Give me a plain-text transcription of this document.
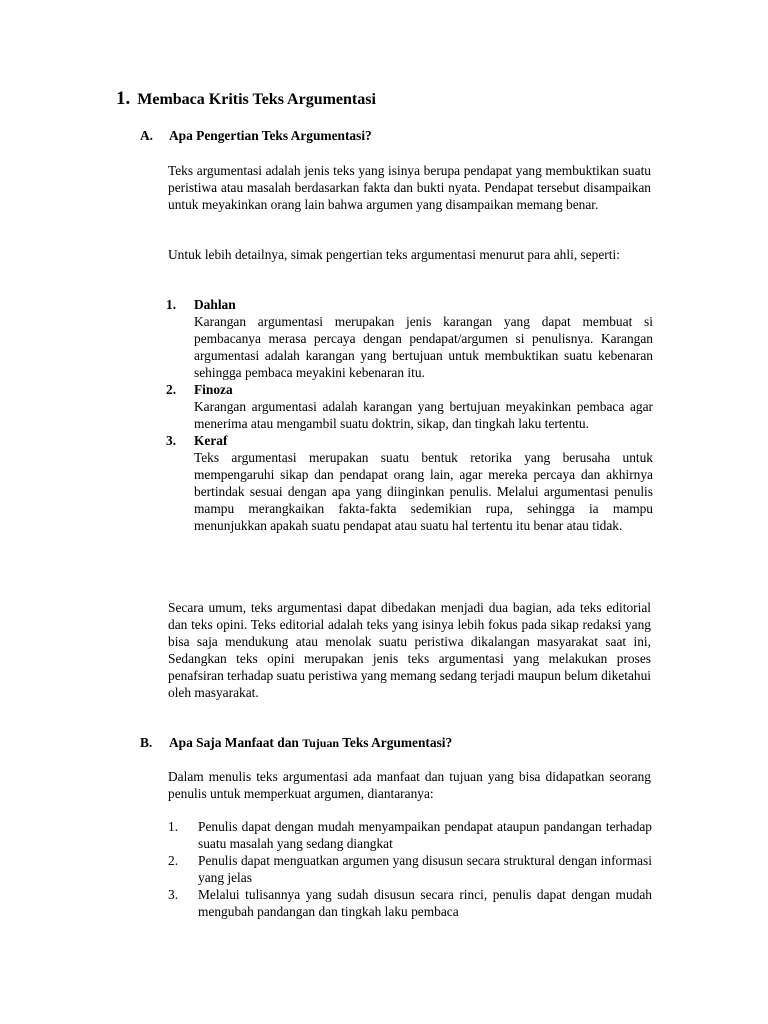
1. Membaca Kritis Teks Argumentasi
A. Apa Pengertian Teks Argumentasi?

Teks argumentasi adalah jenis teks yang isinya berupa pendapat yang membuktikan suatu peristiwa atau masalah berdasarkan fakta dan bukti nyata. Pendapat tersebut disampaikan untuk meyakinkan orang lain bahwa argumen yang disampaikan memang benar.

Untuk lebih detailnya, simak pengertian teks argumentasi menurut para ahli, seperti:

1. Dahlan
Karangan argumentasi merupakan jenis karangan yang dapat membuat si pembacanya merasa percaya dengan pendapat/argumen si penulisnya. Karangan argumentasi adalah karangan yang bertujuan untuk membuktikan suatu kebenaran sehingga pembaca meyakini kebenaran itu.
2. Finoza
Karangan argumentasi adalah karangan yang bertujuan meyakinkan pembaca agar menerima atau mengambil suatu doktrin, sikap, dan tingkah laku tertentu.
3. Keraf
Teks argumentasi merupakan suatu bentuk retorika yang berusaha untuk mempengaruhi sikap dan pendapat orang lain, agar mereka percaya dan akhirnya bertindak sesuai dengan apa yang diinginkan penulis. Melalui argumentasi penulis mampu merangkaikan fakta-fakta sedemikian rupa, sehingga ia mampu menunjukkan apakah suatu pendapat atau suatu hal tertentu itu benar atau tidak.

Secara umum, teks argumentasi dapat dibedakan menjadi dua bagian, ada teks editorial dan teks opini. Teks editorial adalah teks yang isinya lebih fokus pada sikap redaksi yang bisa saja mendukung atau menolak suatu peristiwa dikalangan masyarakat saat ini, Sedangkan teks opini merupakan jenis teks argumentasi yang melakukan proses penafsiran terhadap suatu peristiwa yang memang sedang terjadi maupun belum diketahui oleh masyarakat.

B. Apa Saja Manfaat dan Tujuan Teks Argumentasi?

Dalam menulis teks argumentasi ada manfaat dan tujuan yang bisa didapatkan seorang penulis untuk memperkuat argumen, diantaranya:

1. Penulis dapat dengan mudah menyampaikan pendapat ataupun pandangan terhadap suatu masalah yang sedang diangkat
2. Penulis dapat menguatkan argumen yang disusun secara struktural dengan informasi yang jelas
3. Melalui tulisannya yang sudah disusun secara rinci, penulis dapat dengan mudah mengubah pandangan dan tingkah laku pembaca
